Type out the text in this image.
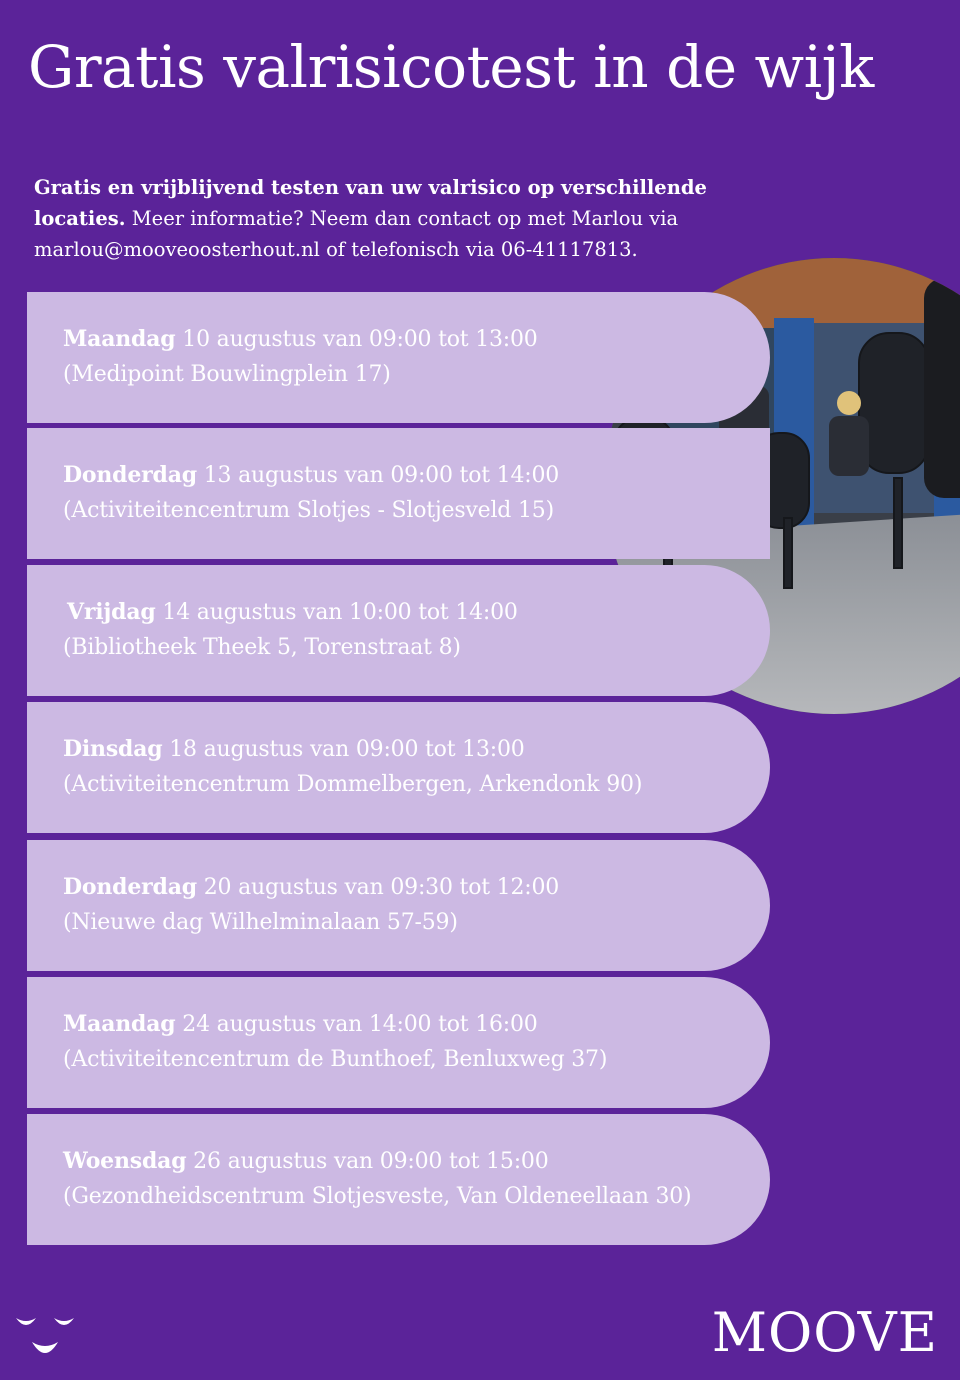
Gratis valrisicotest in de wijk
Gratis en vrijblijvend testen van uw valrisico op verschillende locaties. Meer informatie? Neem dan contact op met Marlou via marlou@mooveoosterhout.nl of telefonisch via 06-41117813.
Maandag 10 augustus van 09:00 tot 13:00
(Medipoint Bouwlingplein 17)
Donderdag 13 augustus van 09:00 tot 14:00
(Activiteitencentrum Slotjes - Slotjesveld 15)
Vrijdag 14 augustus van 10:00 tot 14:00
(Bibliotheek Theek 5, Torenstraat 8)
Dinsdag 18 augustus van 09:00 tot 13:00
(Activiteitencentrum Dommelbergen, Arkendonk 90)
Donderdag 20 augustus van 09:30 tot 12:00
(Nieuwe dag Wilhelminalaan 57-59)
Maandag 24 augustus van 14:00 tot 16:00
(Activiteitencentrum de Bunthoef, Benluxweg 37)
Woensdag 26 augustus van 09:00 tot 15:00
(Gezondheidscentrum Slotjesveste, Van Oldeneellaan 30)
MOOVE
